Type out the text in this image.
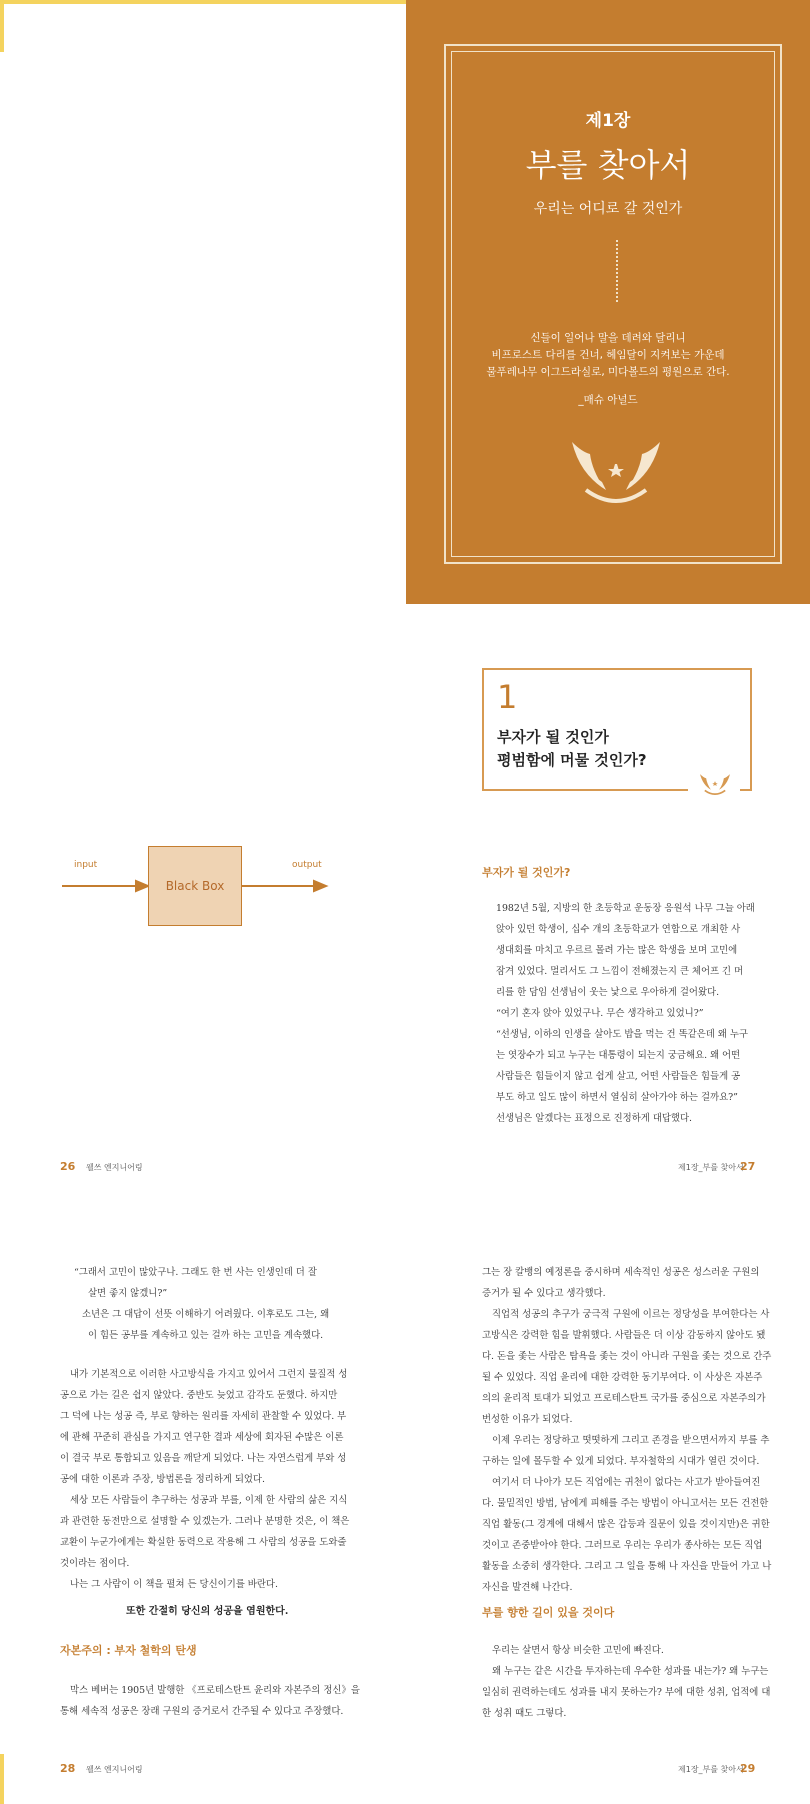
제1장
부를 찾아서
우리는 어디로 갈 것인가
신들이 일어나 말을 데려와 달리니
비프로스트 다리를 건너, 헤임달이 지켜보는 가운데
물푸레나무 이그드라실로, 미다볼드의 평원으로 간다.
_매슈 아널드
1
부자가 될 것인가
평범함에 머물 것인가?
input	output
Black Box
부자가 될 것인가?
1982년 5월, 지방의 한 초등학교 운동장 응원석 나무 그늘 아래
앉아 있던 학생이, 십수 개의 초등학교가 연합으로 개최한 사
생대회를 마치고 우르르 몰려 가는 많은 학생을 보며 고민에
잠겨 있었다. 멀리서도 그 느낌이 전해졌는지 큰 체어프 긴 머
리를 한 담임 선생님이 웃는 낯으로 우아하게 걸어왔다.
“여기 혼자 앉아 있었구나. 무슨 생각하고 있었니?”
“선생님, 이하의 인생을 살아도 밥을 먹는 건 똑같은데 왜 누구
는 엿장수가 되고 누구는 대통령이 되는지 궁금해요. 왜 어떤
사람들은 힘들이지 않고 쉽게 살고, 어떤 사람들은 힘들게 공
부도 하고 일도 많이 하면서 열심히 살아가야 하는 걸까요?”
선생님은 알겠다는 표정으로 진정하게 대답했다.
26 웰쓰 엔지니어링	제1장_부를 찾아서
27
“그래서 고민이 많았구나. 그래도 한 번 사는 인생인데 더 잘
살면 좋지 않겠니?”
소년은 그 대답이 선뜻 이해하기 어려웠다. 이후로도 그는, 왜
이 힘든 공부를 계속하고 있는 걸까 하는 고민을 계속했다.
내가 기본적으로 이러한 사고방식을 가지고 있어서 그런지 물질적 성
공으로 가는 길은 쉽지 않았다. 중반도 늦었고 감각도 둔했다. 하지만
그 덕에 나는 성공 즉, 부로 향하는 원리를 자세히 관찰할 수 있었다. 부
에 관해 꾸준히 관심을 가지고 연구한 결과 세상에 회자된 수많은 이론
이 결국 부로 통합되고 있음을 깨닫게 되었다. 나는 자연스럽게 부와 성
공에 대한 이론과 주장, 방법론을 정리하게 되었다.
세상 모든 사람들이 추구하는 성공과 부를, 이제 한 사람의 삶은 지식
과 관련한 동전만으로 설명할 수 있겠는가. 그러나 분명한 것은, 이 책은
교환이 누군가에게는 확실한 동력으로 작용해 그 사람의 성공을 도와줄
것이라는 점이다.
나는 그 사람이 이 책을 펼쳐 든 당신이기를 바란다.
또한 간절히 당신의 성공을 염원한다.
자본주의 : 부자 철학의 탄생
막스 베버는 1905년 발행한 《프로테스탄트 윤리와 자본주의 정신》을
통해 세속적 성공은 장래 구원의 증거로서 간주될 수 있다고 주장했다.
그는 장 칼뱅의 예정론을 중시하며 세속적인 성공은 성스러운 구원의
증거가 될 수 있다고 생각했다.
직업적 성공의 추구가 궁극적 구원에 이르는 정당성을 부여한다는 사
고방식은 강력한 힘을 발휘했다. 사람들은 더 이상 감동하지 않아도 됐
다. 돈을 좇는 사람은 탐욕을 좇는 것이 아니라 구원을 좇는 것으로 간주
될 수 있었다. 직업 윤리에 대한 강력한 동기부여다. 이 사상은 자본주
의의 윤리적 토대가 되었고 프로테스탄트 국가를 중심으로 자본주의가
번성한 이유가 되었다.
이제 우리는 정당하고 떳떳하게 그리고 존경을 받으면서까지 부를 추
구하는 일에 몰두할 수 있게 되었다. 부자철학의 시대가 열린 것이다.
여기서 더 나아가 모든 직업에는 귀천이 없다는 사고가 받아들여진
다. 물밑적인 방법, 남에게 피해를 주는 방법이 아니고서는 모든 건전한
직업 활동(그 경계에 대해서 많은 갑등과 질문이 있을 것이지만)은 귀한
것이고 존중받아야 한다. 그러므로 우리는 우리가 종사하는 모든 직업
활동을 소중히 생각한다. 그리고 그 일을 통해 나 자신을 만들어 가고 나
자신을 발견해 나간다.
부를 향한 길이 있을 것이다
우리는 살면서 항상 비슷한 고민에 빠진다.
왜 누구는 같은 시간을 투자하는데 우수한 성과를 내는가? 왜 누구는
일심히 권력하는데도 성과를 내지 못하는가? 부에 대한 성취, 업적에 대
한 성취 때도 그렇다.
28 웰쓰 엔지니어링	제1장_부를 찾아서
29
